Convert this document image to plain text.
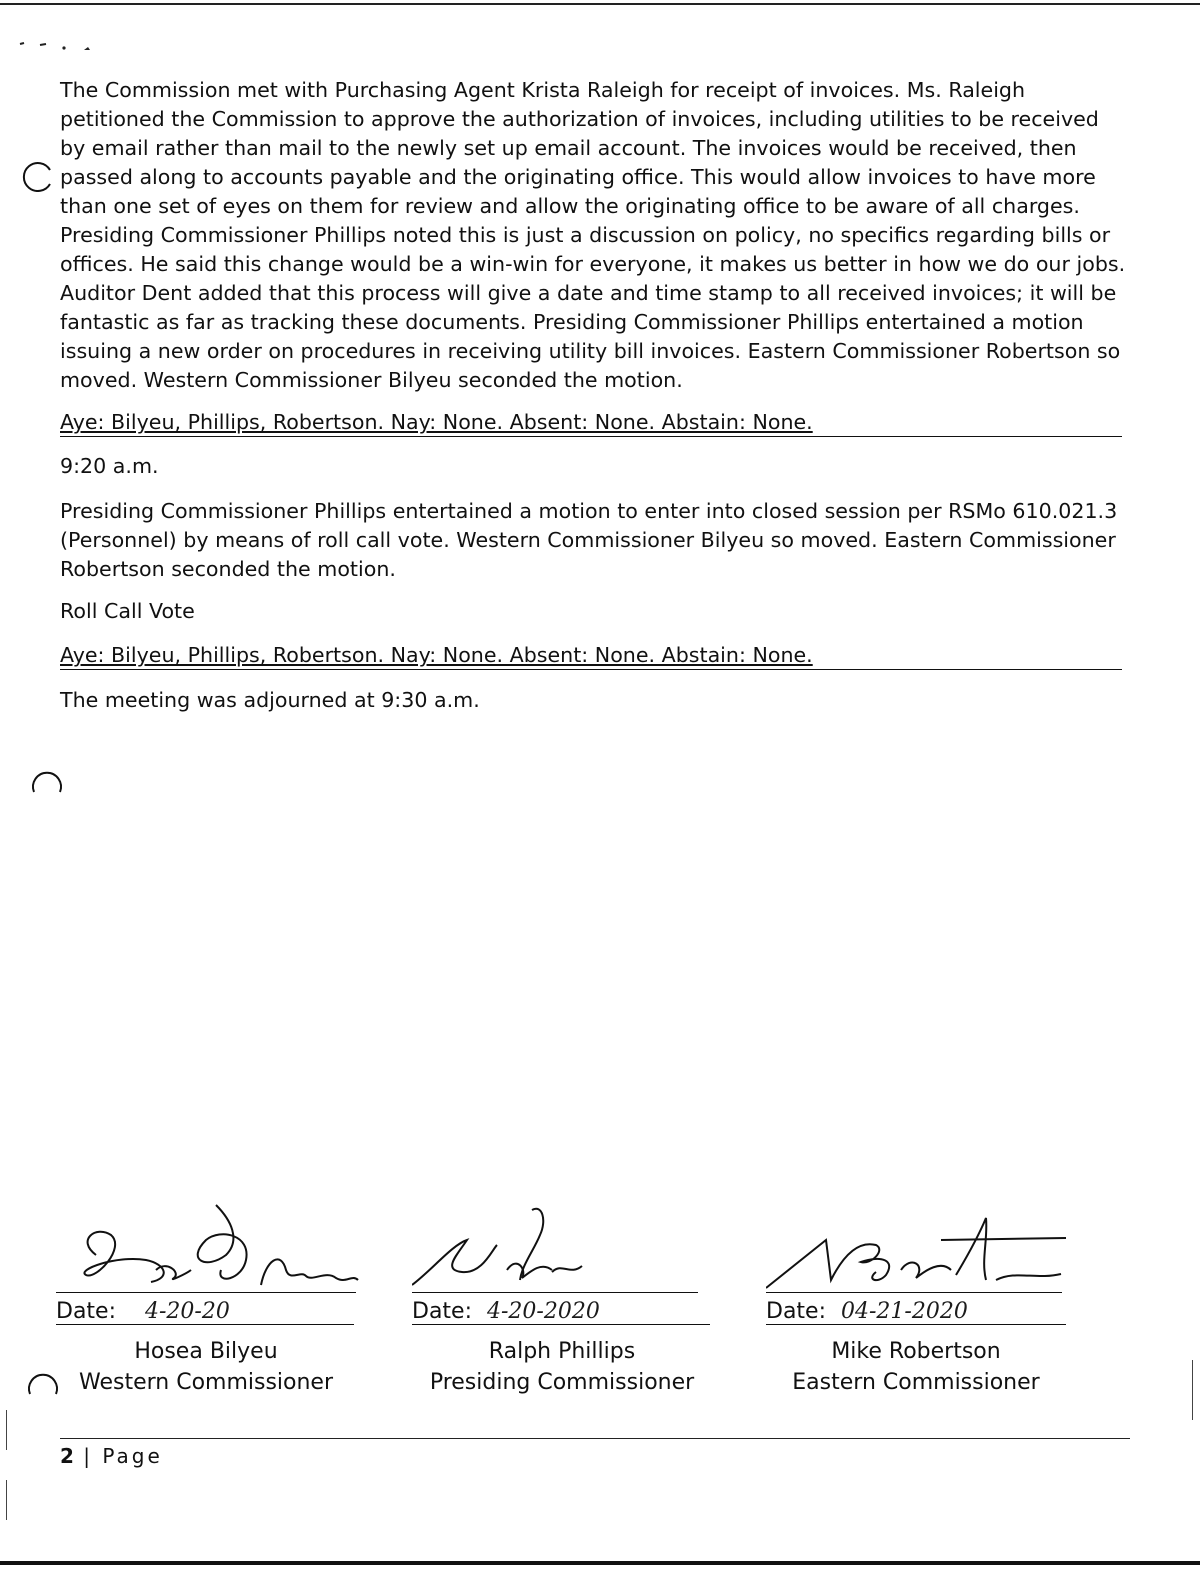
The Commission met with Purchasing Agent Krista Raleigh for receipt of invoices. Ms. Raleigh petitioned the Commission to approve the authorization of invoices, including utilities to be received by email rather than mail to the newly set up email account. The invoices would be received, then passed along to accounts payable and the originating office. This would allow invoices to have more than one set of eyes on them for review and allow the originating office to be aware of all charges. Presiding Commissioner Phillips noted this is just a discussion on policy, no specifics regarding bills or offices. He said this change would be a win-win for everyone, it makes us better in how we do our jobs. Auditor Dent added that this process will give a date and time stamp to all received invoices; it will be fantastic as far as tracking these documents. Presiding Commissioner Phillips entertained a motion issuing a new order on procedures in receiving utility bill invoices. Eastern Commissioner Robertson so moved. Western Commissioner Bilyeu seconded the motion.

Aye: Bilyeu, Phillips, Robertson. Nay: None. Absent: None. Abstain: None.

9:20 a.m.

Presiding Commissioner Phillips entertained a motion to enter into closed session per RSMo 610.021.3 (Personnel) by means of roll call vote. Western Commissioner Bilyeu so moved. Eastern Commissioner Robertson seconded the motion.

Roll Call Vote

Aye: Bilyeu, Phillips, Robertson. Nay: None. Absent: None. Abstain: None.

The meeting was adjourned at 9:30 a.m.

Date: 4-20-20
Hosea Bilyeu
Western Commissioner
Date: 4-20-2020
Ralph Phillips
Presiding Commissioner
Date: 04-21-2020
Mike Robertson
Eastern Commissioner
2 | Page
